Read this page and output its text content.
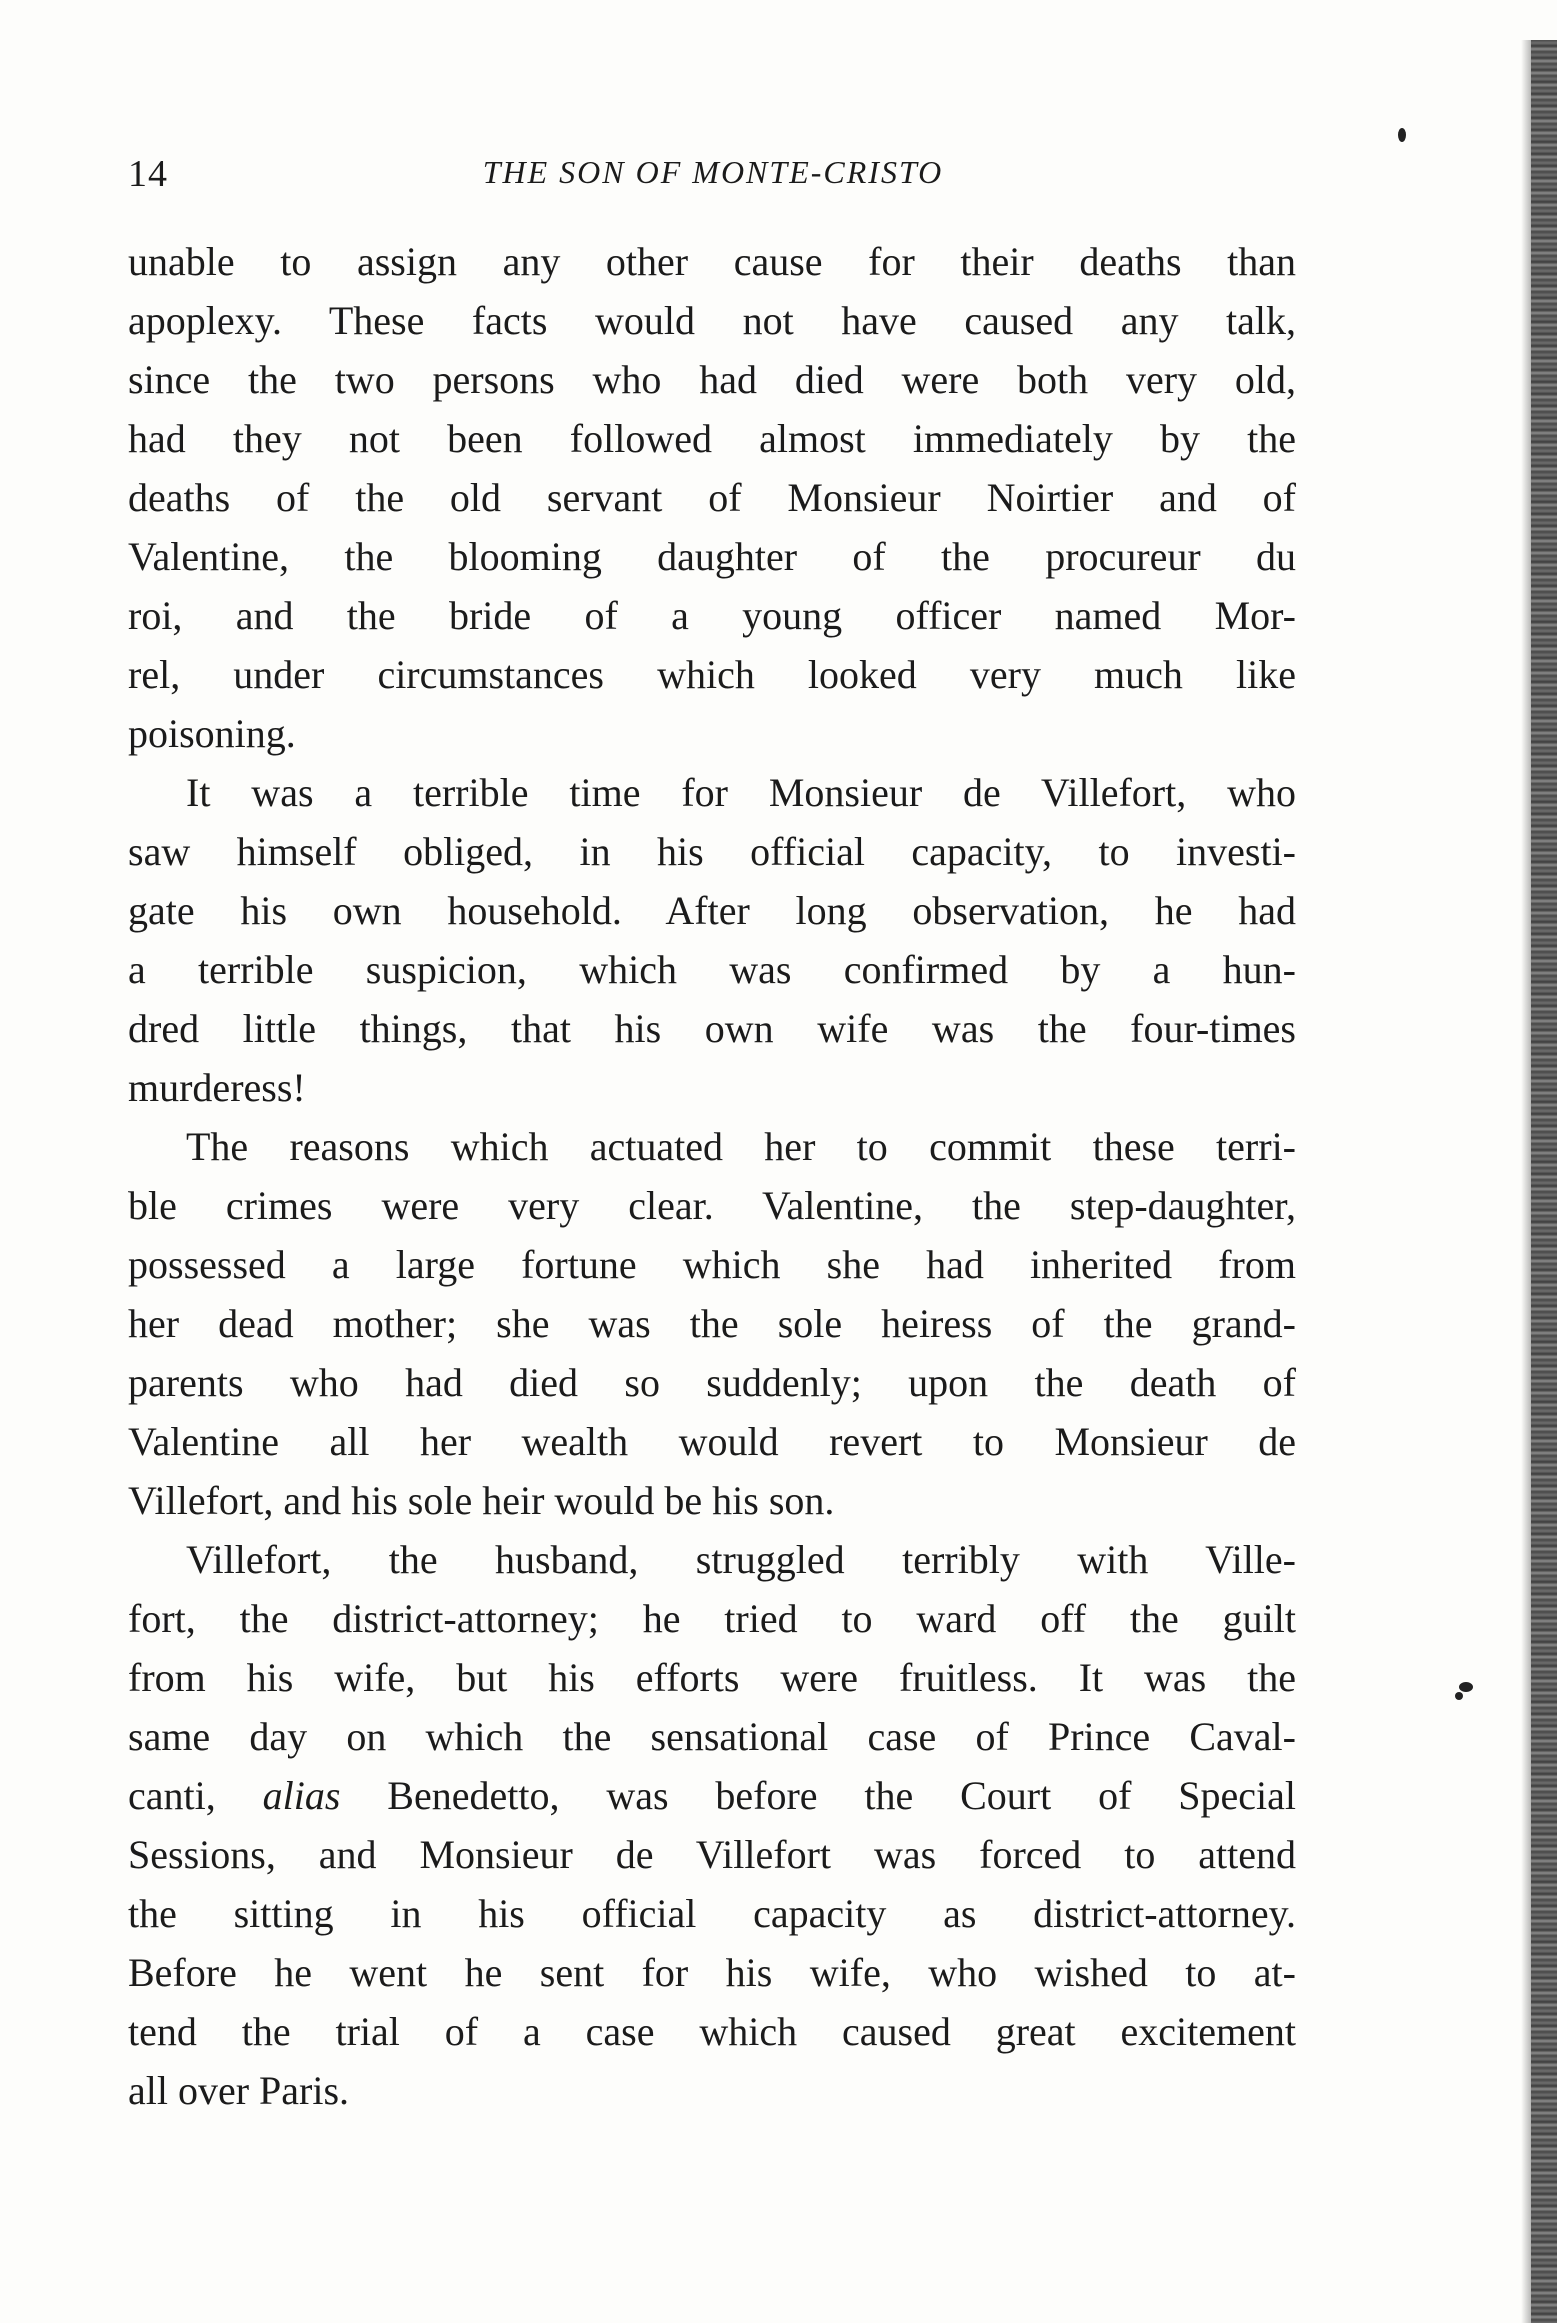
14	THE SON OF MONTE-CRISTO
unable to assign any other cause for their deaths than
apoplexy. These facts would not have caused any talk,
since the two persons who had died were both very old,
had they not been followed almost immediately by the
deaths of the old servant of Monsieur Noirtier and of
Valentine, the blooming daughter of the procureur du
roi, and the bride of a young officer named Mor-
rel, under circumstances which looked very much like
poisoning.
It was a terrible time for Monsieur de Villefort, who
saw himself obliged, in his official capacity, to investi-
gate his own household. After long observation, he had
a terrible suspicion, which was confirmed by a hun-
dred little things, that his own wife was the four-times
murderess!
The reasons which actuated her to commit these terri-
ble crimes were very clear. Valentine, the step-daughter,
possessed a large fortune which she had inherited from
her dead mother; she was the sole heiress of the grand-
parents who had died so suddenly; upon the death of
Valentine all her wealth would revert to Monsieur de
Villefort, and his sole heir would be his son.
Villefort, the husband, struggled terribly with Ville-
fort, the district-attorney; he tried to ward off the guilt
from his wife, but his efforts were fruitless. It was the
same day on which the sensational case of Prince Caval-
canti, alias Benedetto, was before the Court of Special
Sessions, and Monsieur de Villefort was forced to attend
the sitting in his official capacity as district-attorney.
Before he went he sent for his wife, who wished to at-
tend the trial of a case which caused great excitement
all over Paris.
